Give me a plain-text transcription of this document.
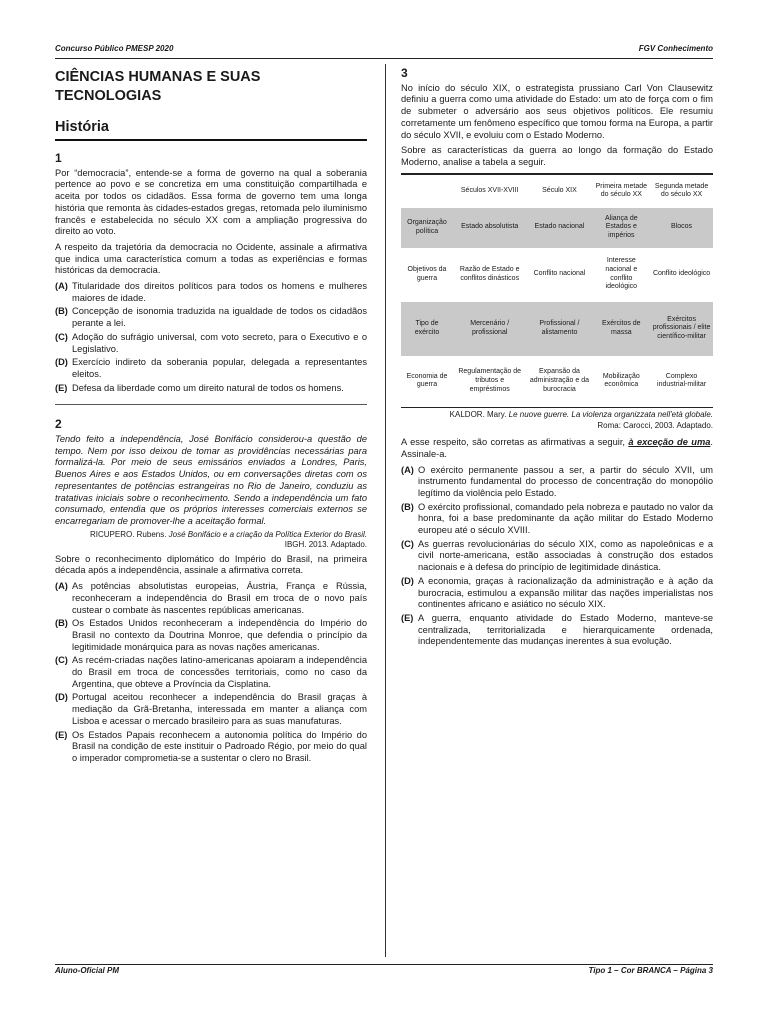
Concurso Público PMESP 2020	FGV Conhecimento
CIÊNCIAS HUMANAS E SUAS TECNOLOGIAS
História
1

Por “democracia”, entende-se a forma de governo na qual a soberania pertence ao povo e se concretiza em uma constituição compartilhada e aceita por todos os cidadãos. Essa forma de governo tem uma longa história que remonta às cidades-estados gregas, retomada pelo iluminismo francês e estabelecida no século XX com a ampliação progressiva do direito ao voto.

A respeito da trajetória da democracia no Ocidente, assinale a afirmativa que indica uma característica comum a todas as experiências e formas históricas da democracia.

(A) Titularidade dos direitos políticos para todos os homens e mulheres maiores de idade.
(B) Concepção de isonomia traduzida na igualdade de todos os cidadãos perante a lei.
(C) Adoção do sufrágio universal, com voto secreto, para o Executivo e o Legislativo.
(D) Exercício indireto da soberania popular, delegada a representantes eleitos.
(E) Defesa da liberdade como um direito natural de todos os homens.
2

Tendo feito a independência, José Bonifácio considerou-a questão de tempo. Nem por isso deixou de tomar as providências necessárias para formalizá-la. Por meio de seus emissários enviados a Londres, Paris, Buenos Aires e aos Estados Unidos, ou em conversações diretas com os representantes de potências estrangeiras no Rio de Janeiro, conduziu as tratativas iniciais sobre o reconhecimento. Sendo a independência um fato consumado, entendia que os próprios interesses comerciais externos se encarregariam de promover-lhe a aceitação formal.

RICUPERO. Rubens. José Bonifácio e a criação da Política Exterior do Brasil.
IBGH. 2013. Adaptado.

Sobre o reconhecimento diplomático do Império do Brasil, na primeira década após a independência, assinale a afirmativa correta.

(A) As potências absolutistas europeias, Áustria, França e Rússia, reconheceram a independência do Brasil em troca de o novo país custear o combate às nascentes repúblicas americanas.
(B) Os Estados Unidos reconheceram a independência do Império do Brasil no contexto da Doutrina Monroe, que defendia o princípio da legitimidade monárquica para as novas nações americanas.
(C) As recém-criadas nações latino-americanas apoiaram a independência do Brasil em troca de concessões territoriais, como no caso da Argentina, que obteve a Província da Cisplatina.
(D) Portugal aceitou reconhecer a independência do Brasil graças à mediação da Grã-Bretanha, interessada em manter a aliança com Lisboa e acessar o mercado brasileiro para as suas manufaturas.
(E) Os Estados Papais reconhecem a autonomia política do Império do Brasil na condição de este instituir o Padroado Régio, por meio do qual o imperador comprometia-se a sustentar o clero no Brasil.
3

No início do século XIX, o estrategista prussiano Carl Von Clausewitz definiu a guerra como uma atividade do Estado: um ato de força com o fim de submeter o adversário aos seus objetivos políticos. Ele resumiu corretamente um fenômeno específico que tomou forma na Europa, a partir do século XVII, e evoluiu com o Estado Moderno.

Sobre as características da guerra ao longo da formação do Estado Moderno, analise a tabela a seguir.

	Séculos XVII-XVIII	Século XIX	Primeira metade do século XX	Segunda metade do século XX
Organização política	Estado absolutista	Estado nacional	Aliança de Estados e impérios	Blocos
Objetivos da guerra	Razão de Estado e conflitos dinásticos	Conflito nacional	Interesse nacional e conflito ideológico	Conflito ideológico
Tipo de exército	Mercenário / profissional	Profissional / alistamento	Exércitos de massa	Exércitos profissionais / elite científico-militar
Economia de guerra	Regulamentação de tributos e empréstimos	Expansão da administração e da burocracia	Mobilização econômica	Complexo industrial-militar
KALDOR. Mary. Le nuove guerre. La violenza organizzata nell'età globale.
Roma: Carocci, 2003. Adaptado.

A esse respeito, são corretas as afirmativas a seguir, à exceção de uma. Assinale-a.

(A) O exército permanente passou a ser, a partir do século XVII, um instrumento fundamental do processo de concentração do monopólio legítimo da violência pelo Estado.
(B) O exército profissional, comandado pela nobreza e pautado no valor da honra, foi a base predominante da ação militar do Estado Moderno europeu até o século XVIII.
(C) As guerras revolucionárias do século XIX, como as napoleônicas e a civil norte-americana, estão associadas à construção dos estados nacionais e à defesa do princípio de legitimidade dinástica.
(D) A economia, graças à racionalização da administração e à ação da burocracia, estimulou a expansão militar das nações imperialistas nos continentes africano e asiático no século XIX.
(E) A guerra, enquanto atividade do Estado Moderno, manteve-se centralizada, territorializada e hierarquicamente ordenada, independentemente das mudanças inerentes à sua evolução.
Aluno-Oficial PM	Tipo 1 – Cor BRANCA – Página 3
